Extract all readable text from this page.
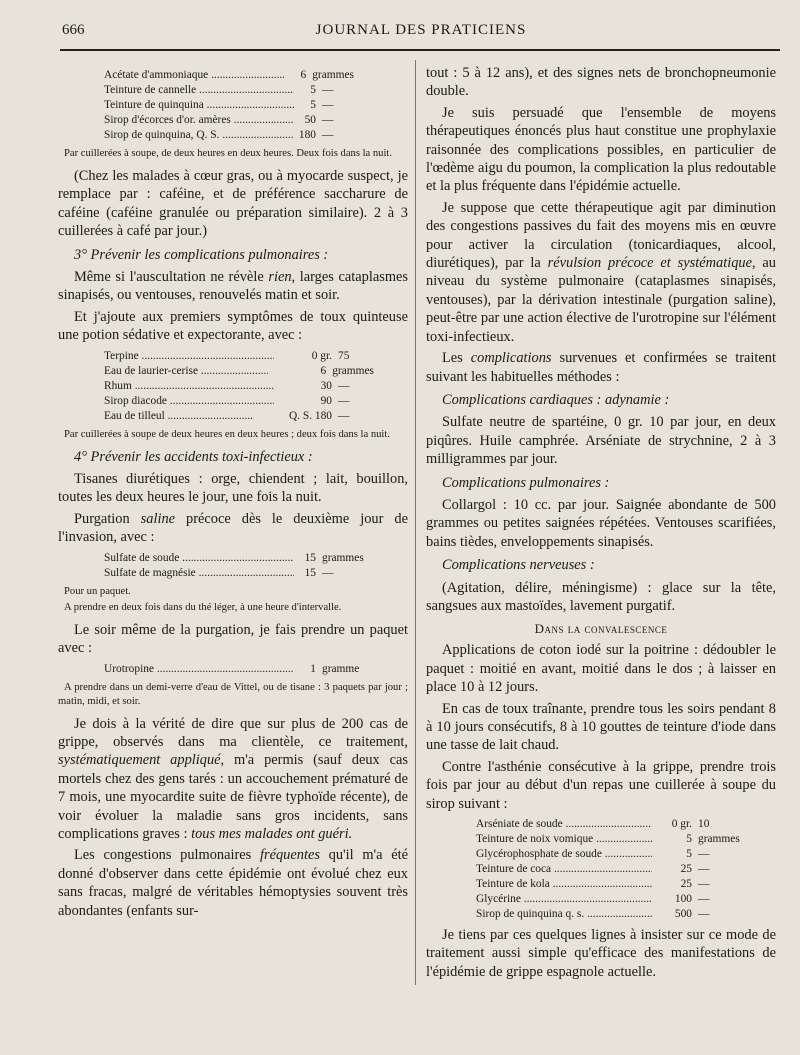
666	JOURNAL DES PRATICIENS
Acétate d'ammoniaque .....	6 grammes
Teinture de cannelle .....	5 —
Teinture de quinquina .....	5 —
Sirop d'écorces d'or. amères .....	50 —
Sirop de quinquina, Q. S. .....	180 —
Par cuillerées à soupe, de deux heures en deux heures. Deux fois dans la nuit.

(Chez les malades à cœur gras, ou à myocarde suspect, je remplace par : caféine, et de préférence saccharure de caféine (caféine granulée ou préparation similaire). 2 à 3 cuillerées à café par jour.)

3° Prévenir les complications pulmonaires :

Même si l'auscultation ne révèle rien, larges cataplasmes sinapisés, ou ventouses, renouvelés matin et soir.

Et j'ajoute aux premiers symptômes de toux quinteuse une potion sédative et expectorante, avec :

Terpine .....	0 gr. 75
Eau de laurier-cerise .....	6 grammes
Rhum .....	30 —
Sirop diacode .....	90 —
Eau de tilleul .....	Q. S. 180 —
Par cuillerées à soupe de deux heures en deux heures ; deux fois dans la nuit.
4° Prévenir les accidents toxi-infectieux :

Tisanes diurétiques : orge, chiendent ; lait, bouillon, toutes les deux heures le jour, une fois la nuit.

Purgation saline précoce dès le deuxième jour de l'invasion, avec :

Sulfate de soude .....	15 grammes
Sulfate de magnésie .....	15 —
Pour un paquet.
A prendre en deux fois dans du thé léger, à une heure d'intervalle.

Le soir même de la purgation, je fais prendre un paquet avec :

Urotropine .....	1 gramme
A prendre dans un demi-verre d'eau de Vittel, ou de tisane : 3 paquets par jour ; matin, midi, et soir.

Je dois à la vérité de dire que sur plus de 200 cas de grippe, observés dans ma clientèle, ce traitement, systématiquement appliqué, m'a permis (sauf deux cas mortels chez des gens tarés : un accouchement prématuré de 7 mois, une myocardite suite de fièvre typhoïde récente), de voir évoluer la maladie sans gros incidents, sans complications graves : tous mes malades ont guéri.

Les congestions pulmonaires fréquentes qu'il m'a été donné d'observer dans cette épidémie ont évolué chez eux sans fracas, malgré de véritables hémoptysies souvent très abondantes (enfants sur-

tout : 5 à 12 ans), et des signes nets de bronchopneumonie double.

Je suis persuadé que l'ensemble de moyens thérapeutiques énoncés plus haut constitue une prophylaxie raisonnée des complications possibles, en particulier de l'œdème aigu du poumon, la complication la plus redoutable et la plus fréquente dans l'épidémie actuelle.

Je suppose que cette thérapeutique agit par diminution des congestions passives du fait des moyens mis en œuvre pour activer la circulation (tonicardiaques, alcool, diurétiques), par la révulsion précoce et systématique, au niveau du système pulmonaire (cataplasmes sinapisés, ventouses), par la dérivation intestinale (purgation saline), peut-être par une action élective de l'urotropine sur l'élément toxi-infectieux.

Les complications survenues et confirmées se traitent suivant les habituelles méthodes :

Complications cardiaques : adynamie :

Sulfate neutre de spartéine, 0 gr. 10 par jour, en deux piqûres. Huile camphrée. Arséniate de strychnine, 2 à 3 milligrammes par jour.

Complications pulmonaires :

Collargol : 10 cc. par jour. Saignée abondante de 500 grammes ou petites saignées répétées. Ventouses scarifiées, bains tièdes, enveloppements sinapisés.

Complications nerveuses :

(Agitation, délire, méningisme) : glace sur la tête, sangsues aux mastoïdes, lavement purgatif.

Dans la convalescence

Applications de coton iodé sur la poitrine : dédoubler le paquet : moitié en avant, moitié dans le dos ; à laisser en place 10 à 12 jours.

En cas de toux traînante, prendre tous les soirs pendant 8 à 10 jours consécutifs, 8 à 10 gouttes de teinture d'iode dans une tasse de lait chaud.

Contre l'asthénie consécutive à la grippe, prendre trois fois par jour au début d'un repas une cuillerée à soupe du sirop suivant :

Arséniate de soude .....	0 gr. 10
Teinture de noix vomique .....	5 grammes
Glycérophosphate de soude .....	5 —
Teinture de coca .....	25 —
Teinture de kola .....	25 —
Glycérine .....	100 —
Sirop de quinquina q. s. .....	500 —

Je tiens par ces quelques lignes à insister sur ce mode de traitement aussi simple qu'efficace des manifestations de l'épidémie de grippe espagnole actuelle.
